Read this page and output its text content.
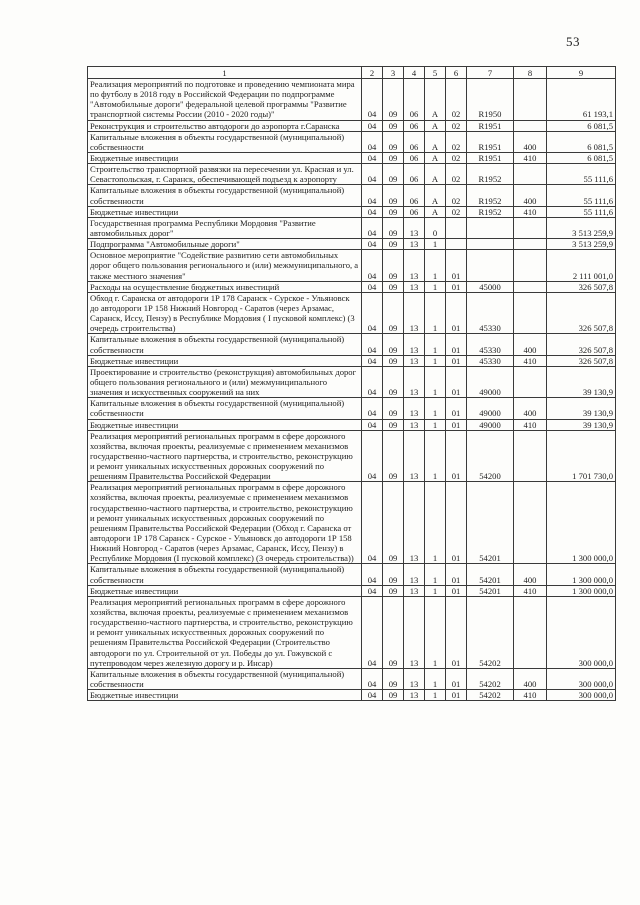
53
1	2	3	4	5	6	7	8	9
Реализация мероприятий по подготовке и проведению чемпионата мира по футболу в 2018 году в Российской Федерации по подпрограмме "Автомобильные дороги" федеральной целевой программы "Развитие транспортной системы России (2010 - 2020 годы)"	04	09	06	А	02	R1950		61 193,1
Реконструкция и строительство автодороги до аэропорта г.Саранска	04	09	06	А	02	R1951		6 081,5
Капитальные вложения в объекты государственной (муниципальной) собственности	04	09	06	А	02	R1951	400	6 081,5
Бюджетные инвестиции	04	09	06	А	02	R1951	410	6 081,5
Строительство транспортной развязки на пересечении ул. Красная и ул. Севастопольская, г. Саранск, обеспечивающей подъезд к аэропорту	04	09	06	А	02	R1952		55 111,6
Капитальные вложения в объекты государственной (муниципальной) собственности	04	09	06	А	02	R1952	400	55 111,6
Бюджетные инвестиции	04	09	06	А	02	R1952	410	55 111,6
Государственная программа Республики Мордовия "Развитие автомобильных дорог"	04	09	13	0				3 513 259,9
Подпрограмма "Автомобильные дороги"	04	09	13	1				3 513 259,9
Основное мероприятие "Содействие развитию сети автомобильных дорог общего пользования регионального и (или) межмуниципального, а также местного значения"	04	09	13	1	01			2 111 001,0
Расходы на осуществление бюджетных инвестиций	04	09	13	1	01	45000		326 507,8
Обход г. Саранска от автодороги 1Р 178 Саранск - Сурское - Ульяновск до автодороги 1Р 158 Нижний Новгород - Саратов (через Арзамас, Саранск, Иссу, Пензу) в Республике Мордовия ( I пусковой комплекс) (3 очередь строительства)	04	09	13	1	01	45330		326 507,8
Капитальные вложения в объекты государственной (муниципальной) собственности	04	09	13	1	01	45330	400	326 507,8
Бюджетные инвестиции	04	09	13	1	01	45330	410	326 507,8
Проектирование и строительство (реконструкция) автомобильных дорог общего пользования регионального и (или) межмуниципального значения и искусственных сооружений на них	04	09	13	1	01	49000		39 130,9
Капитальные вложения в объекты государственной (муниципальной) собственности	04	09	13	1	01	49000	400	39 130,9
Бюджетные инвестиции	04	09	13	1	01	49000	410	39 130,9
Реализация мероприятий региональных программ в сфере дорожного хозяйства, включая проекты, реализуемые с применением механизмов государственно-частного партнерства, и строительство, реконструкцию и ремонт уникальных искусственных дорожных сооружений по решениям Правительства Российской Федерации	04	09	13	1	01	54200		1 701 730,0
Реализация мероприятий региональных программ в сфере дорожного хозяйства, включая проекты, реализуемые с применением механизмов государственно-частного партнерства, и строительство, реконструкцию и ремонт уникальных искусственных дорожных сооружений по решениям Правительства Российской Федерации (Обход г. Саранска от автодороги 1Р 178 Саранск - Сурское - Ульяновск до автодороги 1Р 158 Нижний Новгород - Саратов (через Арзамас, Саранск, Иссу, Пензу) в Республике Мордовия (I пусковой комплекс) (3 очередь строительства))	04	09	13	1	01	54201		1 300 000,0
Капитальные вложения в объекты государственной (муниципальной) собственности	04	09	13	1	01	54201	400	1 300 000,0
Бюджетные инвестиции	04	09	13	1	01	54201	410	1 300 000,0
Реализация мероприятий региональных программ в сфере дорожного хозяйства, включая проекты, реализуемые с применением механизмов государственно-частного партнерства, и строительство, реконструкцию и ремонт уникальных искусственных дорожных сооружений по решениям Правительства Российской Федерации (Строительство автодороги по ул. Строительной от ул. Победы до ул. Гожувской с путепроводом через железную дорогу и р. Инсар)	04	09	13	1	01	54202		300 000,0
Капитальные вложения в объекты государственной (муниципальной) собственности	04	09	13	1	01	54202	400	300 000,0
Бюджетные инвестиции	04	09	13	1	01	54202	410	300 000,0
